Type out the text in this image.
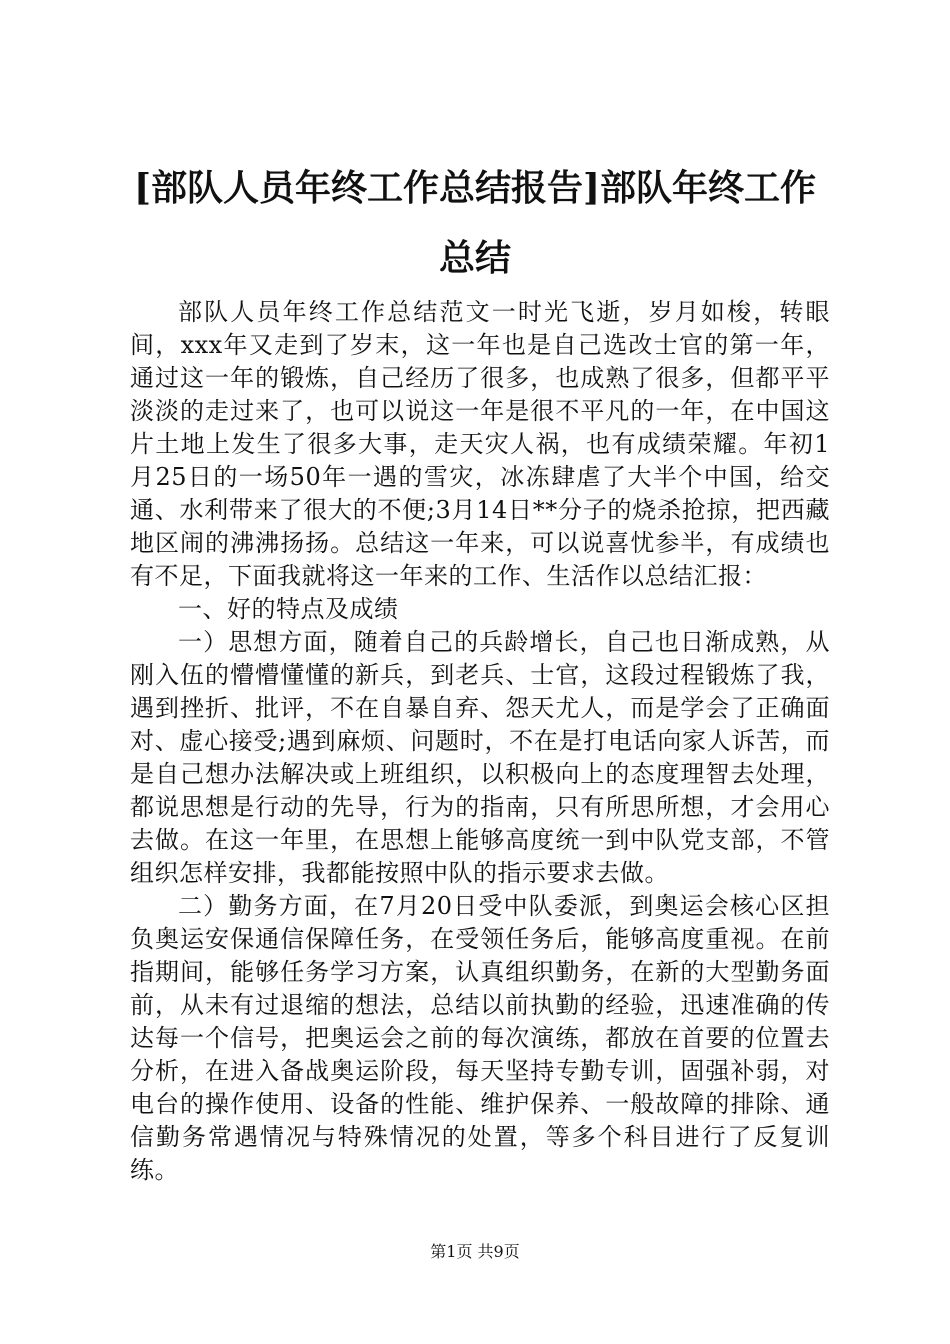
[部队人员年终工作总结报告]部队年终工作总结

部队人员年终工作总结范文一时光飞逝，岁月如梭，转眼间，xxx年又走到了岁末，这一年也是自己选改士官的第一年，通过这一年的锻炼，自己经历了很多，也成熟了很多，但都平平淡淡的走过来了，也可以说这一年是很不平凡的一年，在中国这片土地上发生了很多大事，走天灾人祸，也有成绩荣耀。年初1月25日的一场50年一遇的雪灾，冰冻肆虐了大半个中国，给交通、水利带来了很大的不便;3月14日**分子的烧杀抢掠，把西藏地区闹的沸沸扬扬。总结这一年来，可以说喜忧参半，有成绩也有不足，下面我就将这一年来的工作、生活作以总结汇报：

一、好的特点及成绩

一）思想方面，随着自己的兵龄增长，自己也日渐成熟，从刚入伍的懵懵懂懂的新兵，到老兵、士官，这段过程锻炼了我，遇到挫折、批评，不在自暴自弃、怨天尤人，而是学会了正确面对、虚心接受;遇到麻烦、问题时，不在是打电话向家人诉苦，而是自己想办法解决或上班组织，以积极向上的态度理智去处理，都说思想是行动的先导，行为的指南，只有所思所想，才会用心去做。在这一年里，在思想上能够高度统一到中队党支部，不管组织怎样安排，我都能按照中队的指示要求去做。

二）勤务方面，在7月20日受中队委派，到奥运会核心区担负奥运安保通信保障任务，在受领任务后，能够高度重视。在前指期间，能够任务学习方案，认真组织勤务，在新的大型勤务面前，从未有过退缩的想法，总结以前执勤的经验，迅速准确的传达每一个信号，把奥运会之前的每次演练，都放在首要的位置去分析，在进入备战奥运阶段，每天坚持专勤专训，固强补弱，对电台的操作使用、设备的性能、维护保养、一般故障的排除、通信勤务常遇情况与特殊情况的处置，等多个科目进行了反复训练。

第1页 共9页
